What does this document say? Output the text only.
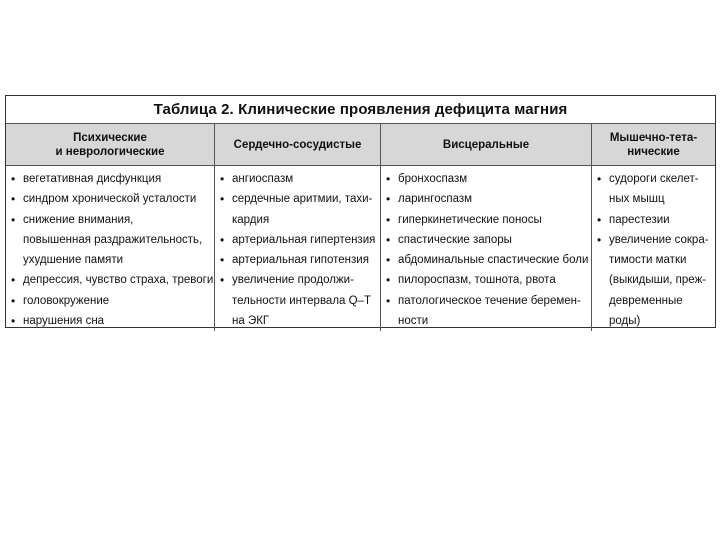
Таблица 2. Клинические проявления дефицита магния
Психические
и неврологические
• вегетативная дисфункция
• синдром хронической усталости
• снижение внимания,
повышенная раздражительность,
ухудшение памяти
• депрессия, чувство страха, тревоги
• головокружение
• нарушения сна
Сердечно-сосудистые
• ангиоспазм
• сердечные аритмии, тахи-
кардия
• артериальная гипертензия
• артериальная гипотензия
• увеличение продолжи-
тельности интервала Q–T
на ЭКГ
Висцеральные
• бронхоспазм
• ларингоспазм
• гиперкинетические поносы
• спастические запоры
• абдоминальные спастические боли
• пилороспазм, тошнота, рвота
• патологическое течение беремен-
ности
Мышечно-тета-
нические
• судороги скелет-
ных мышц
• парестезии
• увеличение сокра-
тимости матки
(выкидыши, преж-
девременные
роды)
